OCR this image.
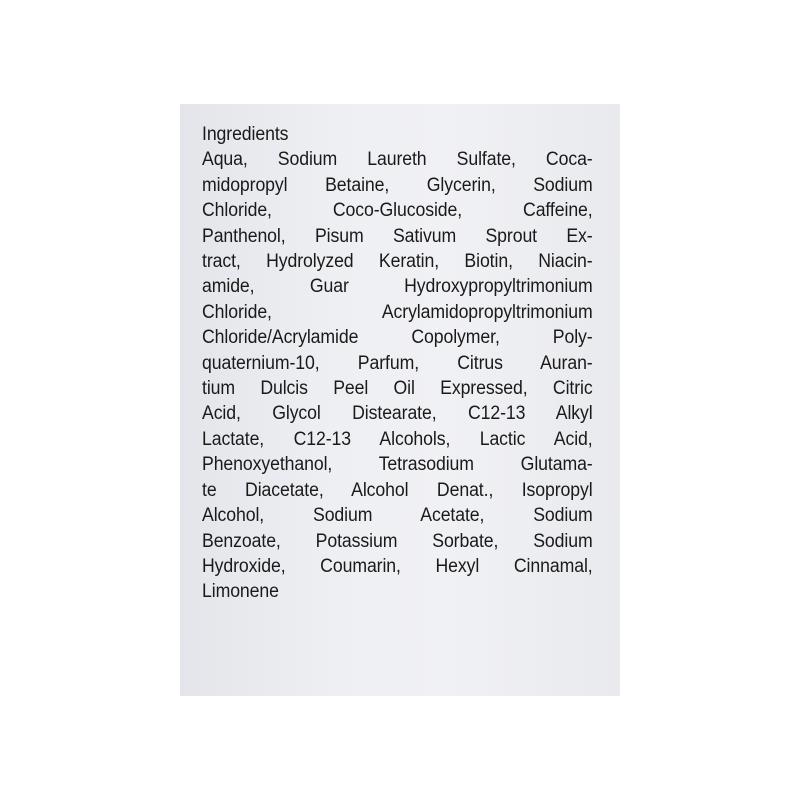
Ingredients
Aqua, Sodium Laureth Sulfate, Coca-
midopropyl Betaine, Glycerin, Sodium
Chloride, Coco-Glucoside, Caffeine,
Panthenol, Pisum Sativum Sprout Ex-
tract, Hydrolyzed Keratin, Biotin, Niacin-
amide, Guar Hydroxypropyltrimonium
Chloride, Acrylamidopropyltrimonium
Chloride/Acrylamide Copolymer, Poly-
quaternium-10, Parfum, Citrus Auran-
tium Dulcis Peel Oil Expressed, Citric
Acid, Glycol Distearate, C12-13 Alkyl
Lactate, C12-13 Alcohols, Lactic Acid,
Phenoxyethanol, Tetrasodium Glutama-
te Diacetate, Alcohol Denat., Isopropyl
Alcohol, Sodium Acetate, Sodium
Benzoate, Potassium Sorbate, Sodium
Hydroxide, Coumarin, Hexyl Cinnamal,
Limonene
